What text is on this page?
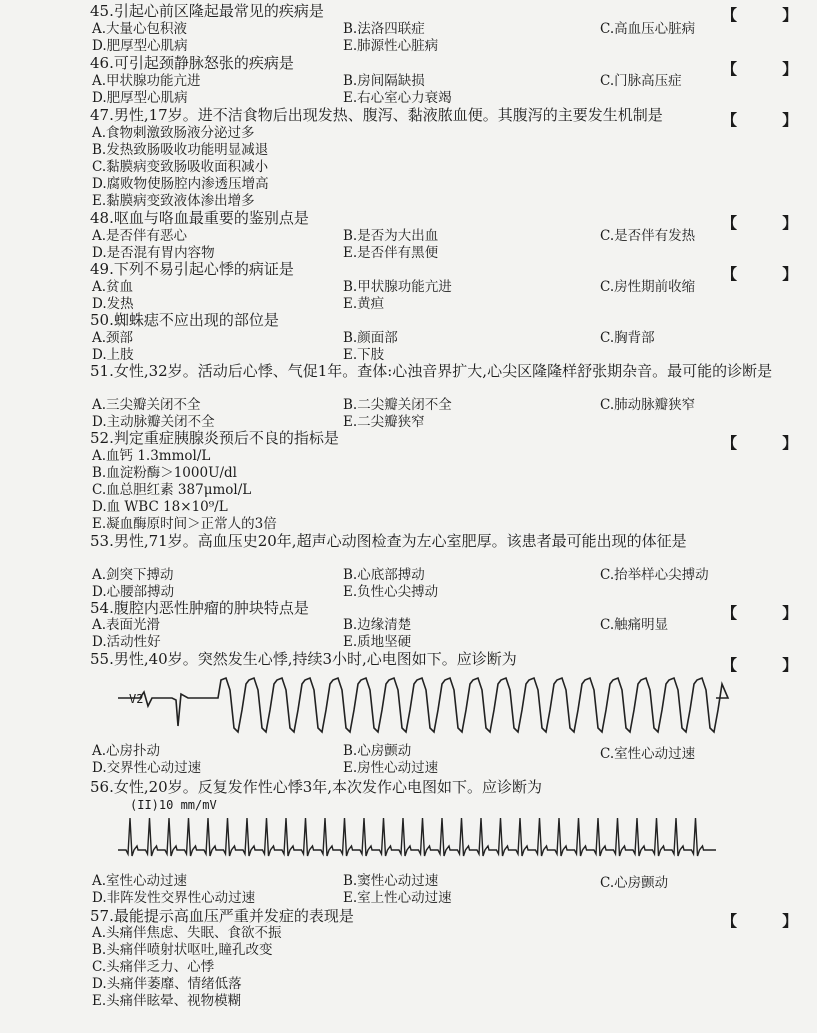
45.引起心前区隆起最常见的疾病是	【 】
A.大量心包积液	B.法洛四联症	C.高血压心脏病
D.肥厚型心肌病	E.肺源性心脏病
46.可引起颈静脉怒张的疾病是	【 】
A.甲状腺功能亢进	B.房间隔缺损	C.门脉高压症
D.肥厚型心肌病	E.右心室心力衰竭
47.男性,17岁。进不洁食物后出现发热、腹泻、黏液脓血便。其腹泻的主要发生机制是	【 】
A.食物刺激致肠液分泌过多
B.发热致肠吸收功能明显减退
C.黏膜病变致肠吸收面积减小
D.腐败物使肠腔内渗透压增高
E.黏膜病变致液体渗出增多
48.呕血与咯血最重要的鉴别点是	【 】
A.是否伴有恶心	B.是否为大出血	C.是否伴有发热
D.是否混有胃内容物	E.是否伴有黑便
49.下列不易引起心悸的病证是	【 】
A.贫血	B.甲状腺功能亢进	C.房性期前收缩
D.发热	E.黄疸
50.蜘蛛痣不应出现的部位是
A.颈部	B.颜面部	C.胸背部
D.上肢	E.下肢
51.女性,32岁。活动后心悸、气促1年。查体:心浊音界扩大,心尖区隆隆样舒张期杂音。最可能的诊断是
A.三尖瓣关闭不全	B.二尖瓣关闭不全	C.肺动脉瓣狭窄
D.主动脉瓣关闭不全	E.二尖瓣狭窄
52.判定重症胰腺炎预后不良的指标是	【 】
A.血钙 1.3mmol/L
B.血淀粉酶＞1000U/dl
C.血总胆红素 387μmol/L
D.血 WBC 18×10⁹/L
E.凝血酶原时间＞正常人的3倍
53.男性,71岁。高血压史20年,超声心动图检查为左心室肥厚。该患者最可能出现的体征是
A.剑突下搏动	B.心底部搏动	C.抬举样心尖搏动
D.心腰部搏动	E.负性心尖搏动
54.腹腔内恶性肿瘤的肿块特点是	【 】
A.表面光滑	B.边缘清楚	C.触痛明显
D.活动性好	E.质地坚硬
55.男性,40岁。突然发生心悸,持续3小时,心电图如下。应诊断为	【 】
V2
A.心房扑动	B.心房颤动	C.室性心动过速
D.交界性心动过速	E.房性心动过速
56.女性,20岁。反复发作性心悸3年,本次发作心电图如下。应诊断为
(II)10 mm/mV
A.室性心动过速	B.窦性心动过速	C.心房颤动
D.非阵发性交界性心动过速	E.室上性心动过速
57.最能提示高血压严重并发症的表现是	【 】
A.头痛伴焦虑、失眠、食欲不振
B.头痛伴喷射状呕吐,瞳孔改变
C.头痛伴乏力、心悸
D.头痛伴萎靡、情绪低落
E.头痛伴眩晕、视物模糊
